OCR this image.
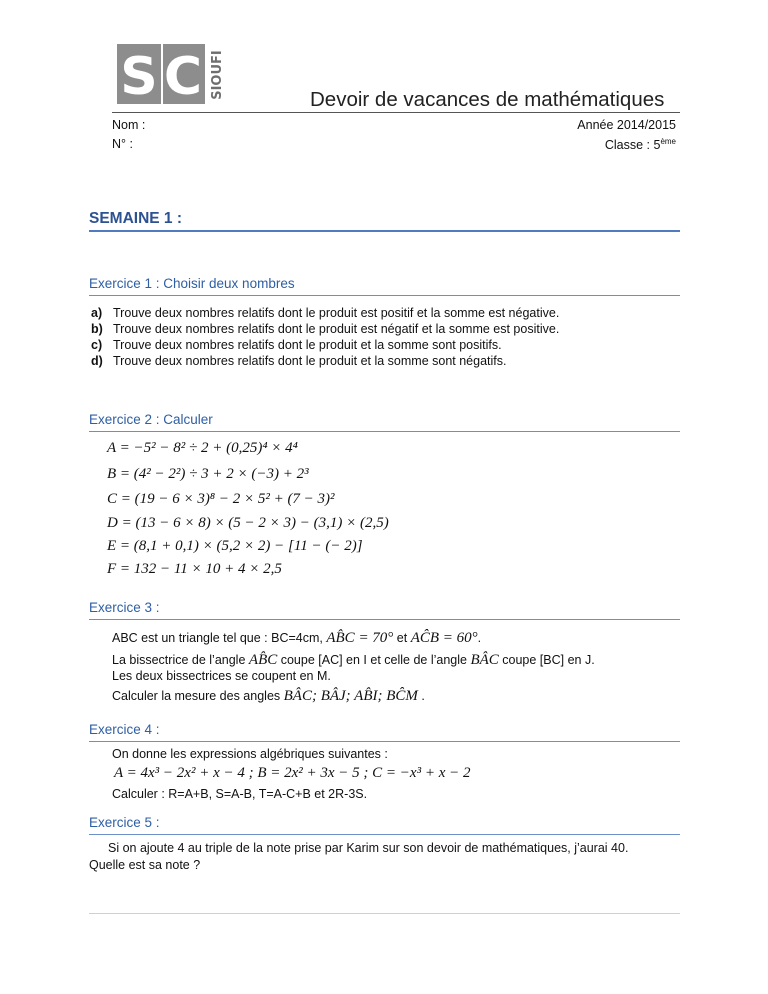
S C SIOUFI	Devoir de vacances de mathématiques
Nom :
N° :
Année 2014/2015
Classe : 5ème
SEMAINE 1 :
Exercice 1 : Choisir deux nombres
a) Trouve deux nombres relatifs dont le produit est positif et la somme est négative.
b) Trouve deux nombres relatifs dont le produit est négatif et la somme est positive.
c) Trouve deux nombres relatifs dont le produit et la somme sont positifs.
d) Trouve deux nombres relatifs dont le produit et la somme sont négatifs.
Exercice 2 : Calculer
A = −5² − 8² ÷ 2 + (0,25)⁴ × 4⁴
B = (4² − 2²) ÷ 3 + 2 × (−3) + 2³
C = (19 − 6 × 3)⁸ − 2 × 5² + (7 − 3)²
D = (13 − 6 × 8) × (5 − 2 × 3) − (3,1) × (2,5)
E = (8,1 + 0,1) × (5,2 × 2) − [11 − (− 2)]
F = 132 − 11 × 10 + 4 × 2,5
Exercice 3 :
ABC est un triangle tel que : BC=4cm, AB̂C = 70° et AĈB = 60°.
La bissectrice de l’angle AB̂C coupe [AC] en I et celle de l’angle BÂC coupe [BC] en J.
Les deux bissectrices se coupent en M.
Calculer la mesure des angles BÂC; BÂJ; AB̂I; BĈM .
Exercice 4 :
On donne les expressions algébriques suivantes :
A = 4x³ − 2x² + x − 4 ; B = 2x² + 3x − 5 ; C = −x³ + x − 2
Calculer : R=A+B, S=A-B, T=A-C+B et 2R-3S.
Exercice 5 :
Si on ajoute 4 au triple de la note prise par Karim sur son devoir de mathématiques, j’aurai 40.
Quelle est sa note ?
